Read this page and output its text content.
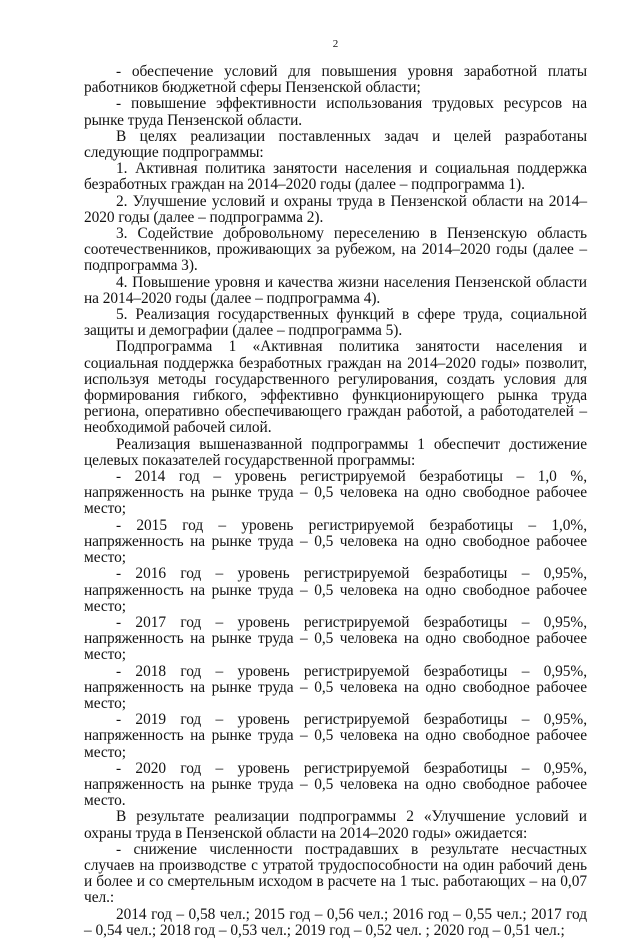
2

- обеспечение условий для повышения уровня заработной платы работников бюджетной сферы Пензенской области;

- повышение эффективности использования трудовых ресурсов на рынке труда Пензенской области.

В целях реализации поставленных задач и целей разработаны следующие подпрограммы:

1. Активная политика занятости населения и социальная поддержка безработных граждан на 2014–2020 годы (далее – подпрограмма 1).

2. Улучшение условий и охраны труда в Пензенской области на 2014–2020 годы (далее – подпрограмма 2).

3. Содействие добровольному переселению в Пензенскую область соотечественников, проживающих за рубежом, на 2014–2020 годы (далее – подпрограмма 3).

4. Повышение уровня и качества жизни населения Пензенской области на 2014–2020 годы (далее – подпрограмма 4).

5. Реализация государственных функций в сфере труда, социальной защиты и демографии (далее – подпрограмма 5).

Подпрограмма 1 «Активная политика занятости населения и социальная поддержка безработных граждан на 2014–2020 годы» позволит, используя методы государственного регулирования, создать условия для формирования гибкого, эффективно функционирующего рынка труда региона, оперативно обеспечивающего граждан работой, а работодателей – необходимой рабочей силой.

Реализация вышеназванной подпрограммы 1 обеспечит достижение целевых показателей государственной программы:

- 2014 год – уровень регистрируемой безработицы – 1,0 %, напряженность на рынке труда – 0,5 человека на одно свободное рабочее место;

- 2015 год – уровень регистрируемой безработицы – 1,0%, напряженность на рынке труда – 0,5 человека на одно свободное рабочее место;

- 2016 год – уровень регистрируемой безработицы – 0,95%, напряженность на рынке труда – 0,5 человека на одно свободное рабочее место;

- 2017 год – уровень регистрируемой безработицы – 0,95%, напряженность на рынке труда – 0,5 человека на одно свободное рабочее место;

- 2018 год – уровень регистрируемой безработицы – 0,95%, напряженность на рынке труда – 0,5 человека на одно свободное рабочее место;

- 2019 год – уровень регистрируемой безработицы – 0,95%, напряженность на рынке труда – 0,5 человека на одно свободное рабочее место;

- 2020 год – уровень регистрируемой безработицы – 0,95%, напряженность на рынке труда – 0,5 человека на одно свободное рабочее место.

В результате реализации подпрограммы 2 «Улучшение условий и охраны труда в Пензенской области на 2014–2020 годы» ожидается:

- снижение численности пострадавших в результате несчастных случаев на производстве с утратой трудоспособности на один рабочий день и более и со смертельным исходом в расчете на 1 тыс. работающих – на 0,07 чел.:

2014 год – 0,58 чел.; 2015 год – 0,56 чел.; 2016 год – 0,55 чел.; 2017 год – 0,54 чел.; 2018 год – 0,53 чел.; 2019 год – 0,52 чел. ; 2020 год – 0,51 чел.;
